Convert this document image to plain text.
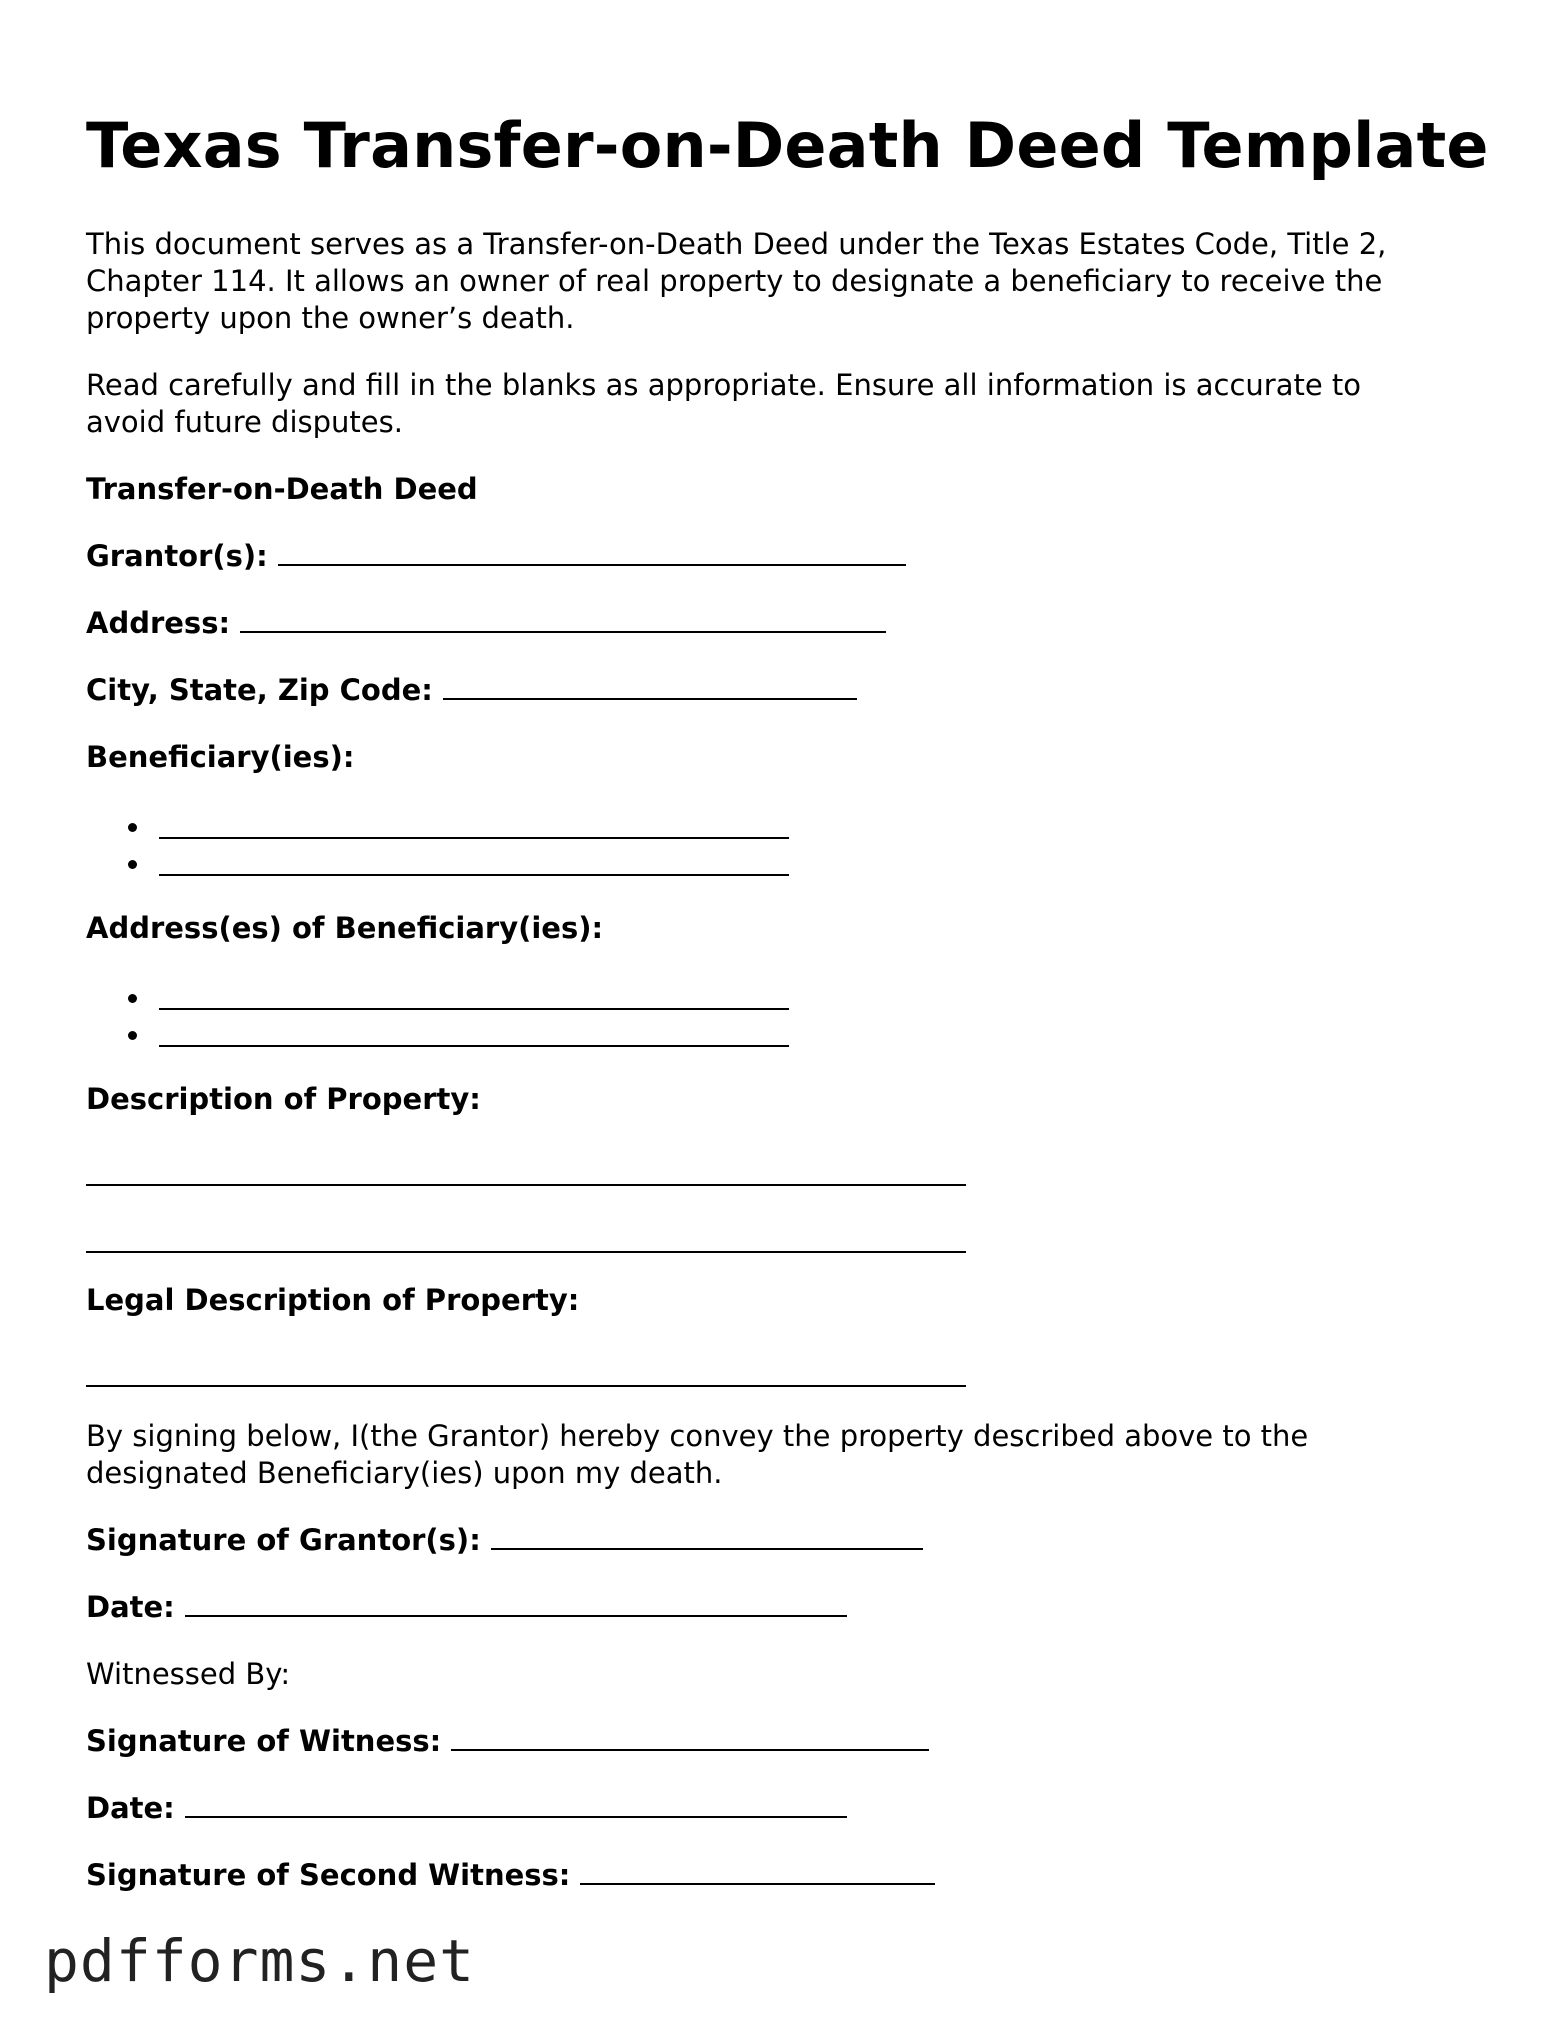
Texas Transfer-on-Death Deed Template

This document serves as a Transfer-on-Death Deed under the Texas Estates Code, Title 2,

Chapter 114. It allows an owner of real property to designate a beneficiary to receive the

property upon the owner’s death.

Read carefully and fill in the blanks as appropriate. Ensure all information is accurate to

avoid future disputes.

Transfer-on-Death Deed

Grantor(s):

Address:

City, State, Zip Code:

Beneficiary(ies):

Address(es) of Beneficiary(ies):

Description of Property:

Legal Description of Property:

By signing below, I(the Grantor) hereby convey the property described above to the

designated Beneficiary(ies) upon my death.

Signature of Grantor(s):

Date:

Witnessed By:

Signature of Witness:

Date:

Signature of Second Witness:

pdfforms.net
